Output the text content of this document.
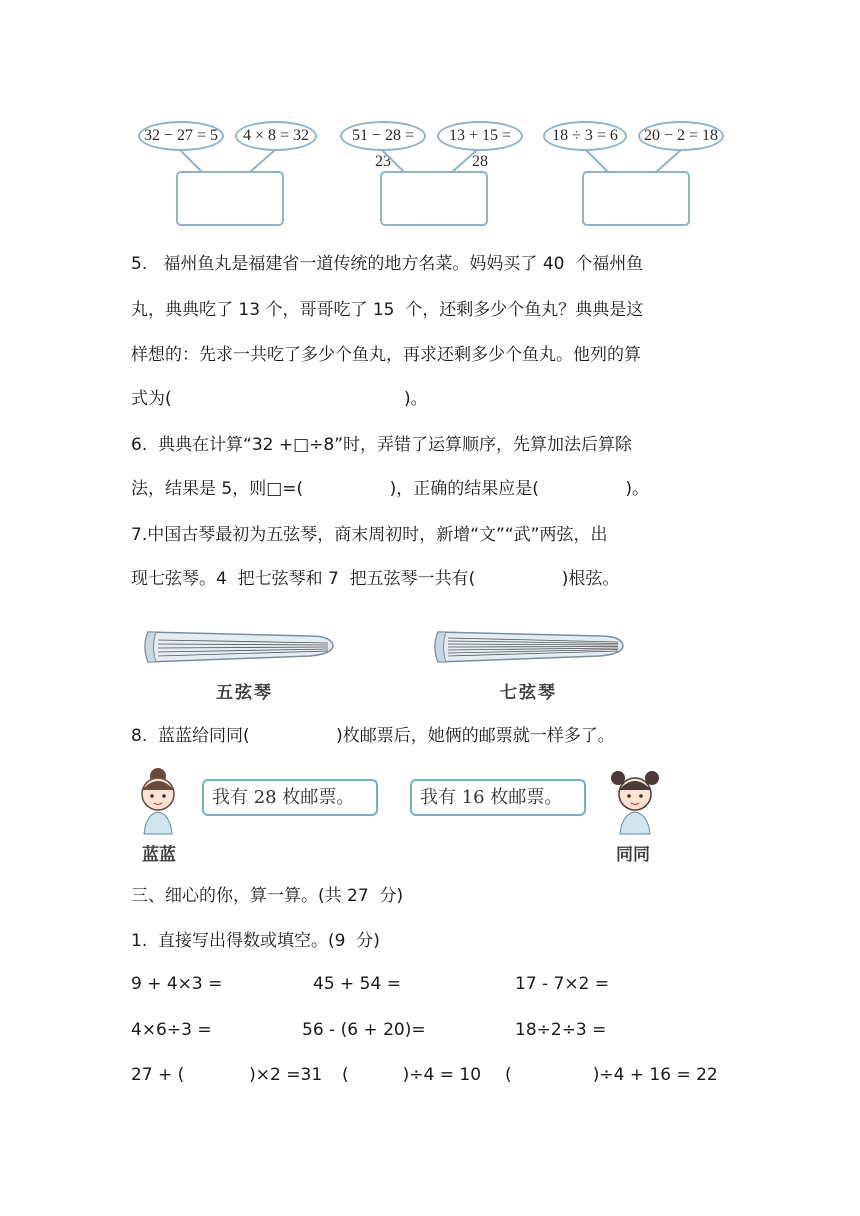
32 − 27 = 5	4 × 8 = 32	51 − 28 = 23
13 + 15 = 28
18 ÷ 3 = 6	20 − 2 = 18
5.   福州鱼丸是福建省一道传统的地方名菜。妈妈买了 40  个福州鱼
丸，典典吃了 13 个，哥哥吃了 15  个，还剩多少个鱼丸？典典是这
样想的：先求一共吃了多少个鱼丸，再求还剩多少个鱼丸。他列的算
式为(                                           )。
6.  典典在计算“32 +□÷8”时，弄错了运算顺序，先算加法后算除
法，结果是 5，则□=(                )，正确的结果应是(                )。
7.中国古琴最初为五弦琴，商末周初时，新增“文”“武”两弦，出
现七弦琴。4  把七弦琴和 7  把五弦琴一共有(                )根弦。
五弦琴	七弦琴
8.  蓝蓝给同同(                )枚邮票后，她俩的邮票就一样多了。
我有 28 枚邮票。
蓝蓝
我有 16 枚邮票。
同同
三、细心的你，算一算。(共 27  分)
1.  直接写出得数或填空。(9  分)
9 + 4×3 =	45 + 54 =	17 - 7×2 =
4×6÷3 =	56 - (6 + 20)=	18÷2÷3 =
27 + (            )×2 =31 (          )÷4 = 10 (               )÷4 + 16 = 22
